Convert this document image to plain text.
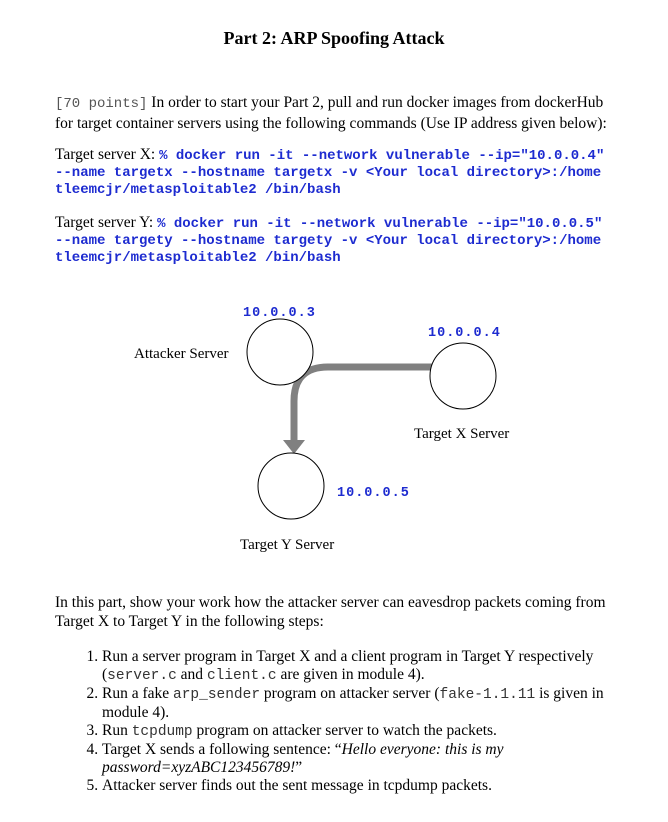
Part 2: ARP Spoofing Attack
[70 points] In order to start your Part 2, pull and run docker images from dockerHub for target container servers using the following commands (Use IP address given below):
Target server X: % docker run -it --network vulnerable --ip="10.0.0.4"
--name targetx --hostname targetx -v <Your local directory>:/home
tleemcjr/metasploitable2 /bin/bash
Target server Y: % docker run -it --network vulnerable --ip="10.0.0.5"
--name targety --hostname targety -v <Your local directory>:/home
tleemcjr/metasploitable2 /bin/bash
10.0.0.3
Attacker Server
10.0.0.4
Target X Server
10.0.0.5
Target Y Server
In this part, show your work how the attacker server can eavesdrop packets coming from Target X to Target Y in the following steps:
1. Run a server program in Target X and a client program in Target Y respectively (server.c and client.c are given in module 4).
2. Run a fake arp_sender program on attacker server (fake-1.1.11 is given in module 4).
3. Run tcpdump program on attacker server to watch the packets.
4. Target X sends a following sentence: “Hello everyone: this is my password=xyzABC123456789!”
5. Attacker server finds out the sent message in tcpdump packets.
